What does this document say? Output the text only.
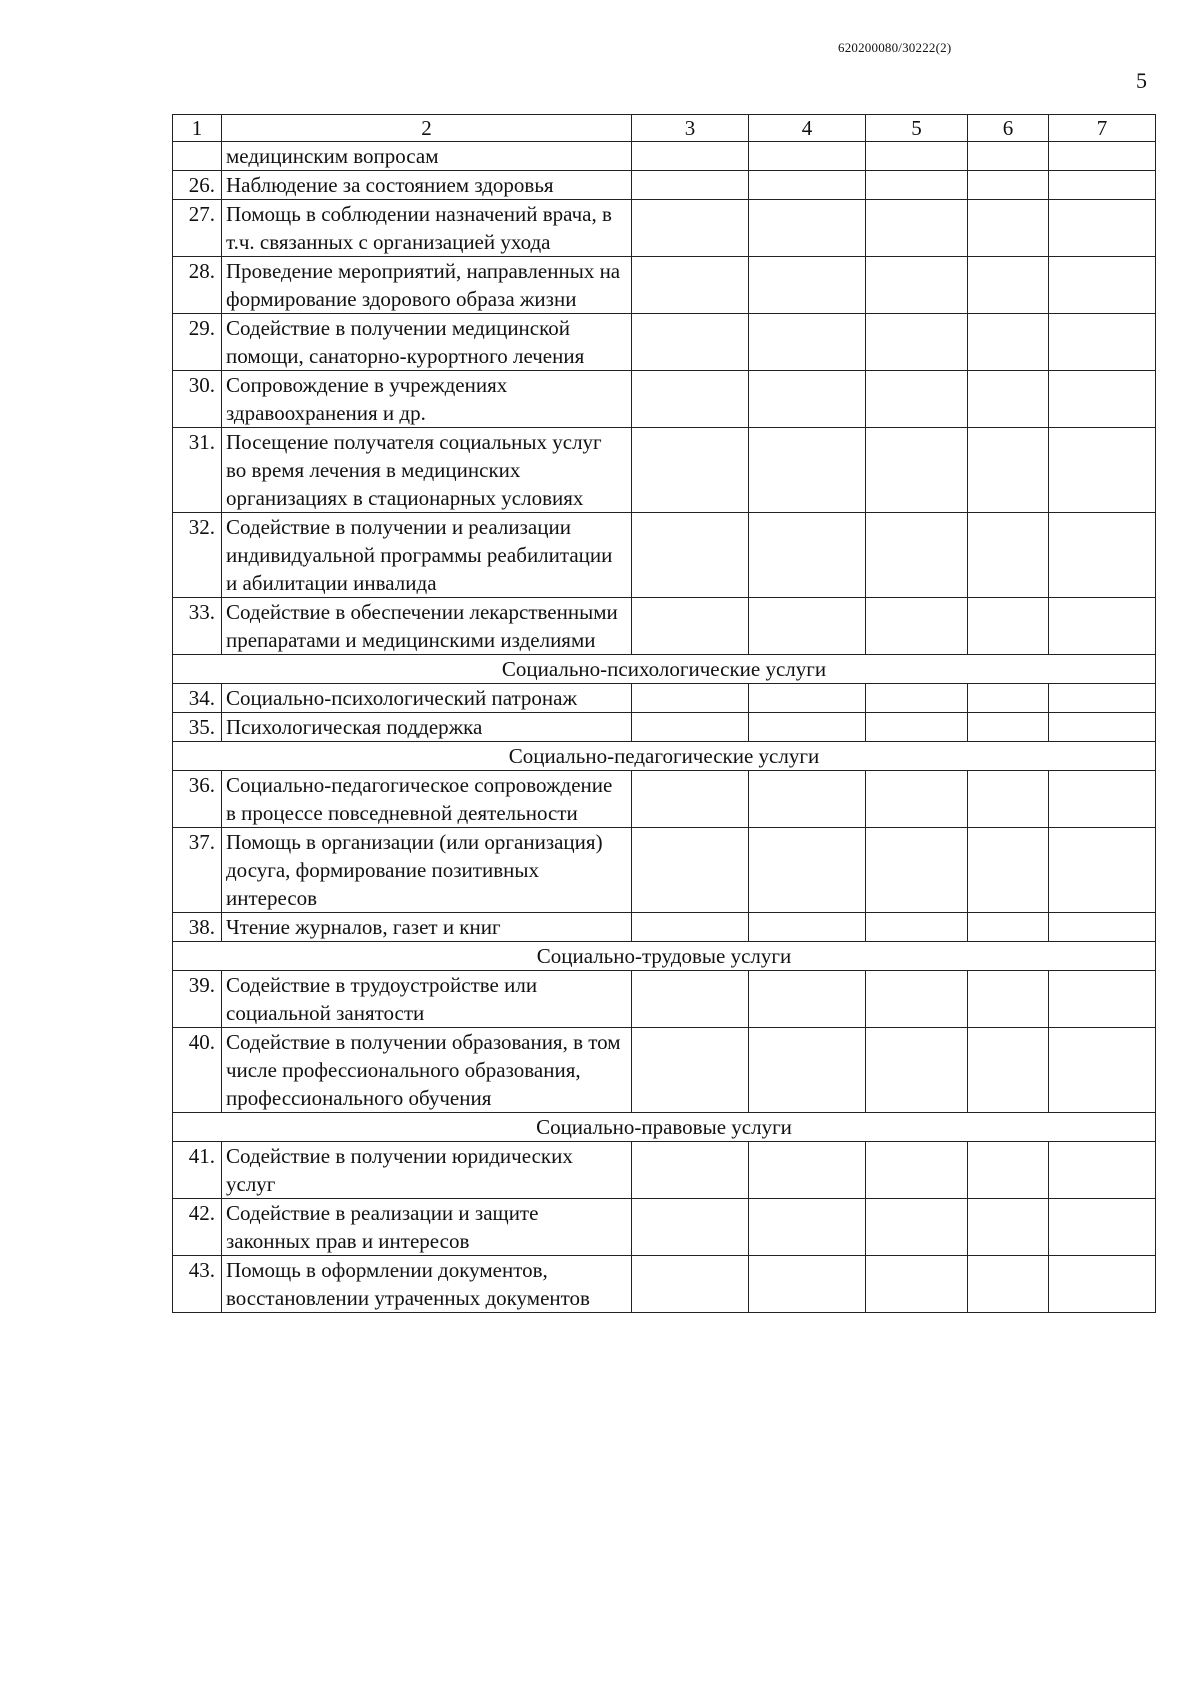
620200080/30222(2)
5
1	2	3	4	5	6	7
	медицинским вопросам					
26.	Наблюдение за состоянием здоровья					
27.	Помощь в соблюдении назначений врача, в т.ч. связанных с организацией ухода					
28.	Проведение мероприятий, направленных на формирование здорового образа жизни					
29.	Содействие в получении медицинской помощи, санаторно-курортного лечения					
30.	Сопровождение в учреждениях здравоохранения и др.					
31.	Посещение получателя социальных услуг во время лечения в медицинских организациях в стационарных условиях					
32.	Содействие в получении и реализации индивидуальной программы реабилитации и абилитации инвалида					
33.	Содействие в обеспечении лекарственными препаратами и медицинскими изделиями					
Социально-психологические услуги						
34.	Социально-психологический патронаж					
35.	Психологическая поддержка					
Социально-педагогические услуги						
36.	Социально-педагогическое сопровождение в процессе повседневной деятельности					
37.	Помощь в организации (или организация) досуга, формирование позитивных интересов					
38.	Чтение журналов, газет и книг					
Социально-трудовые услуги						
39.	Содействие в трудоустройстве или социальной занятости					
40.	Содействие в получении образования, в том числе профессионального образования, профессионального обучения					
Социально-правовые услуги						
41.	Содействие в получении юридических услуг					
42.	Содействие в реализации и защите законных прав и интересов					
43.	Помощь в оформлении документов, восстановлении утраченных документов					
